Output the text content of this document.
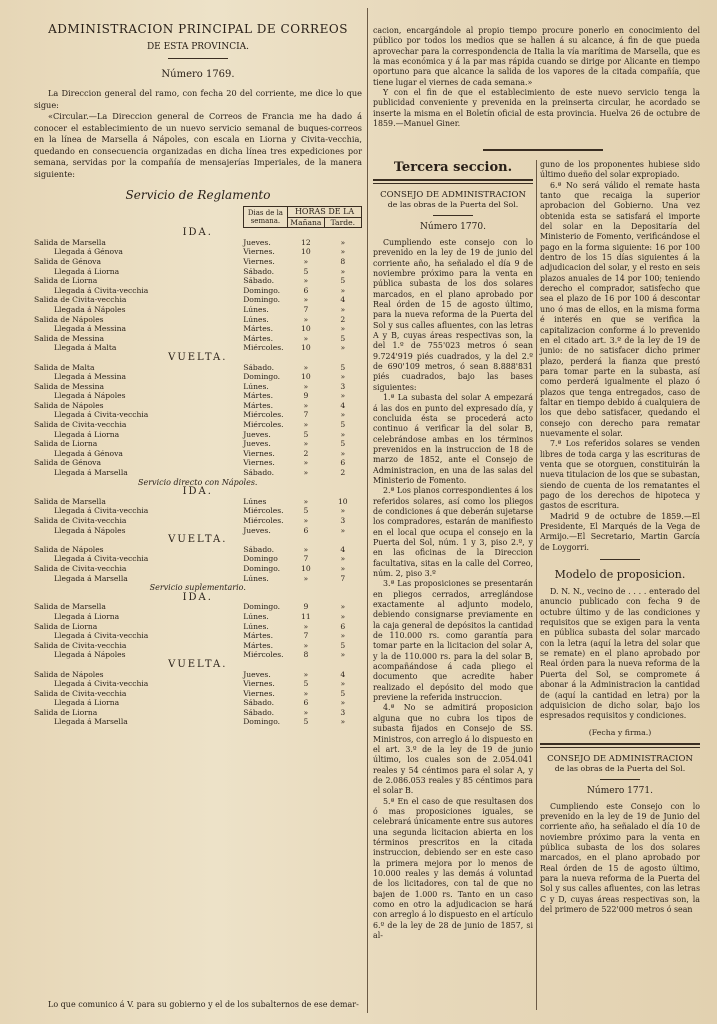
ADMINISTRACION PRINCIPAL DE CORREOS
DE ESTA PROVINCIA.
Número 1769.

La Direccion general del ramo, con fecha 20 del corriente, me dice lo que sigue:

«Circular.—La Direccion general de Correos de Francia me ha dado á conocer el establecimiento de un nuevo servicio semanal de buques-correos en la línea de Marsella á Nápoles, con escala en Liorna y Civita-vecchia, quedando en consecuencia organizadas en dicha línea tres expediciones por semana, servidas por la compañía de mensajerías Imperiales, de la manera siguiente:

Servicio de Reglamento
	Dias de la semana.	HORAS DE LA	
		Mañana	Tarde.
IDA.			
Salida de Marsella	Jueves.	12	»
Llegada á Génova	Viernes.	10	»
Salida de Génova	Viernes.	»	8
Llegada á Liorna	Sábado.	5	»
Salida de Liorna	Sábado.	»	5
Llegada á Civita-vecchia	Domingo.	6	»
Salida de Civita-vecchia	Domingo.	»	4
Llegada á Nápoles	Lúnes.	7	»
Salida de Nápoles	Lúnes.	»	2
Llegada á Messina	Mártes.	10	»
Salida de Messina	Mártes.	»	5
Llegada á Malta	Miércoles.	10	»
VUELTA.			
Salida de Malta	Sábado.	»	5
Llegada á Messina	Domingo.	10	»
Salida de Messina	Lúnes.	»	3
Llegada á Nápoles	Mártes.	9	»
Salida de Nápoles	Mártes.	»	4
Llegada á Civita-vecchia	Miércoles.	7	»
Salida de Civita-vecchia	Miércoles.	»	5
Llegada á Liorna	Jueves.	5	»
Salida de Liorna	Jueves.	»	5
Llegada á Génova	Viernes.	2	»
Salida de Génova	Viernes.	»	6
Llegada á Marsella	Sábado.	»	2
Servicio directo con Nápoles.			
IDA.			
Salida de Marsella	Lúnes	»	10
Llegada á Civita-vecchia	Miércoles.	5	»
Salida de Civita-vecchia	Miércoles.	»	3
Llegada á Nápoles	Jueves.	6	»
VUELTA.			
Salida de Nápoles	Sábado.	»	4
Llegada á Civita-vecchia	Domingo	7	»
Salida de Civita-vecchia	Domingo.	10	»
Llegada á Marsella	Lúnes.	»	7
Servicio suplementario.			
IDA.			
Salida de Marsella	Domingo.	9	»
Llegada á Liorna	Lúnes.	11	»
Salida de Liorna	Lúnes.	»	6
Llegada á Civita-vecchia	Mártes.	7	»
Salida de Civita-vecchia	Mártes.	»	5
Llegada á Nápoles	Miércoles.	8	»
VUELTA.			
Salida de Nápoles	Jueves.	»	4
Llegada á Civita-vecchia	Viernes.	5	»
Salida de Civita-vecchia	Viernes.	»	5
Llegada á Liorna	Sábado.	6	»
Salida de Liorna	Sábado.	»	3
Llegada á Marsella	Domingo.	5	»
Lo que comunico á V. para su gobierno y el de los subalternos de ese demar-

cacion, encargándole al propio tiempo procure ponerlo en conocimiento del público por todos los medios que se hallen á su alcance, á fin de que pueda aprovechar para la correspondencia de Italia la vía marítima de Marsella, que es la mas económica y á la par mas rápida cuando se dirige por Alicante en tiempo oportuno para que alcance la salida de los vapores de la citada compañía, que tiene lugar el viernes de cada semana.»

Y con el fin de que el establecimiento de este nuevo servicio tenga la publicidad conveniente y prevenida en la preinserta circular, he acordado se inserte la misma en el Boletín oficial de esta provincia. Huelva 26 de octubre de 1859.—Manuel Giner.

Tercera seccion.
CONSEJO DE ADMINISTRACION
de las obras de la Puerta del Sol.
Número 1770.

Cumpliendo este consejo con lo prevenido en la ley de 19 de junio del corriente año, ha señalado el día 9 de noviembre próximo para la venta en pública subasta de los dos solares marcados, en el plano aprobado por Real órden de 15 de agosto último, para la nueva reforma de la Puerta del Sol y sus calles afluentes, con las letras A y B, cuyas áreas respectivas son, la del 1.º de 755'023 metros ó sean 9.724'919 piés cuadrados, y la del 2.º de 690'109 metros, ó sean 8.888'831 piés cuadrados, bajo las bases siguientes:

1.ª La subasta del solar A empezará á las dos en punto del expresado día, y concluida ésta se procederá acto continuo á verificar la del solar B, celebrándose ambas en los términos prevenidos en la instruccion de 18 de marzo de 1852, ante el Consejo de Administracion, en una de las salas del Ministerio de Fomento.

2.ª Los planos correspondientes á los referidos solares, así como los pliegos de condiciones á que deberán sujetarse los compradores, estarán de manifiesto en el local que ocupa el consejo en la Puerta del Sol, núm. 1 y 3, piso 2.º, y en las oficinas de la Direccion facultativa, sitas en la calle del Correo, núm. 2, piso 3.º

3.ª Las proposiciones se presentarán en pliegos cerrados, arreglándose exactamente al adjunto modelo, debiendo consignarse previamente en la caja general de depósitos la cantidad de 110.000 rs. como garantía para tomar parte en la licitacion del solar A, y la de 110.000 rs. para la del solar B, acompañándose á cada pliego el documento que acredite haber realizado el depósito del modo que previene la referida instruccion.

4.ª No se admitirá proposicion alguna que no cubra los tipos de subasta fijados en Consejo de SS. Ministros, con arreglo á lo dispuesto en el art. 3.º de la ley de 19 de junio último, los cuales son de 2.054.041 reales y 54 céntimos para el solar A, y de 2.086.053 reales y 85 céntimos para el solar B.

5.ª En el caso de que resultasen dos ó mas proposiciones iguales, se celebrará únicamente entre sus autores una segunda licitacion abierta en los términos prescritos en la citada instruccion, debiendo ser en este caso la primera mejora por lo menos de 10.000 reales y las demás á voluntad de los licitadores, con tal de que no bajen de 1.000 rs. Tanto en un caso como en otro la adjudicacion se hará con arreglo á lo dispuesto en el artículo 6.º de la ley de 28 de junio de 1857, si al-

guno de los proponentes hubiese sido último dueño del solar expropiado.

6.ª No será válido el remate hasta tanto que recaiga la superior aprobacion del Gobierno. Una vez obtenida esta se satisfará el importe del solar en la Depositaría del Ministerio de Fomento, verificándose el pago en la forma siguiente: 16 por 100 dentro de los 15 días siguientes á la adjudicacion del solar, y el resto en seis plazos anuales de 14 por 100; teniendo derecho el comprador, satisfecho que sea el plazo de 16 por 100 á descontar uno ó mas de ellos, en la misma forma é interés en que se verifica la capitalizacion conforme á lo prevenido en el citado art. 3.º de la ley de 19 de junio: de no satisfacer dicho primer plazo, perderá la fianza que prestó para tomar parte en la subasta, así como perderá igualmente el plazo ó plazos que tenga entregados, caso de faltar en tiempo debido á cualquiera de los que debo satisfacer, quedando el consejo con derecho para rematar nuevamente el solar.

7.ª Los referidos solares se venden libres de toda carga y las escrituras de venta que se otorguen, constituirán la nueva titulacion de los que se subastan, siendo de cuenta de los rematantes el pago de los derechos de hipoteca y gastos de escritura.

Madrid 9 de octubre de 1859.—El Presidente, El Marqués de la Vega de Armijo.—El Secretario, Martin García de Loygorri.

Modelo de proposicion.

D. N. N., vecino de . . . . enterado del anuncio publicado con fecha 9 de octubre último y de las condiciones y requisitos que se exigen para la venta en pública subasta del solar marcado con la letra (aquí la letra del solar que se remate) en el plano aprobado por Real órden para la nueva reforma de la Puerta del Sol, se compromete á abonar á la Administracion la cantidad de (aquí la cantidad en letra) por la adquisicion de dicho solar, bajo los espresados requisitos y condiciones.

(Fecha y firma.)
CONSEJO DE ADMINISTRACION
de las obras de la Puerta del Sol.
Número 1771.

Cumpliendo este Consejo con lo prevenido en la ley de 19 de Junio del corriente año, ha señalado el día 10 de noviembre próximo para la venta en pública subasta de los dos solares marcados, en el plano aprobado por Real órden de 15 de agosto último, para la nueva reforma de la Puerta del Sol y sus calles afluentes, con las letras C y D, cuyas áreas respectivas son, la del primero de 522'000 metros ó sean
